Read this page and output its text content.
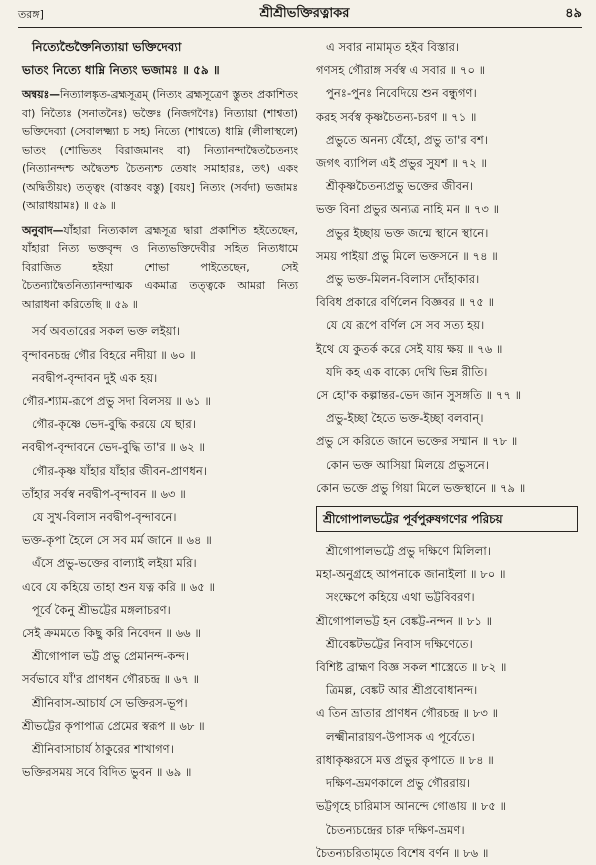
তরঙ্গ]	শ্রীশ্রীভক্তিরত্নাকর	৪৯
নিত্যেন্ডৈক্তৈনিত্যায়া ভক্তিদেব্যা
ভাতং নিত্যে ধাম্নি নিত্যং ভজামঃ ॥ ৫৯ ॥
অন্বয়ঃ—নিত্যালঙ্কৃত-ব্রহ্মসূত্রম্ (নিত্যং ব্রহ্মসূত্রেণ স্তুতং প্রকাশিতং বা) নিত্যৈঃ (সনাতনৈঃ) ভক্তৈঃ (নিজগণৈঃ) নিত্যায়া (শাশ্বতা) ভক্তিদেব্যা (সেবালক্ষ্ম্যা চ সহ) নিত্যে (শাশ্বতে) ধাম্নি (লীলাস্থলে) ভাতং (শোভিতং বিরাজমানং বা) নিত্যানন্দাদ্বৈতচৈতন্যং (নিত্যানন্দশ্চ অদ্বৈতশ্চ চৈতন্যশ্চ তেষাং সমাহারঃ, তৎ) একং (অদ্বিতীয়ং) তত্ত্বং (বাস্তবং বস্তু) [বয়ং] নিত্যং (সর্বদা) ভজামঃ (আরাধয়ামঃ) ॥ ৫৯ ॥
অনুবাদ—যাঁহারা নিত্যকাল ব্রহ্মসূত্র দ্বারা প্রকাশিত হইতেছেন, যাঁহারা নিত্য ভক্তবৃন্দ ও নিত্যভক্তিদেবীর সহিত নিত্যধামে বিরাজিত হইয়া শোভা পাইতেছেন, সেই চৈতন্যাদ্বৈতনিত্যানন্দাত্মক একমাত্র তত্ত্বকে আমরা নিত্য আরাধনা করিতেছি ॥ ৫৯ ॥
সর্ব অবতারের সকল ভক্ত লইয়া।
বৃন্দাবনচন্দ্র গৌর বিহরে নদীয়া ॥ ৬০ ॥
নবদ্বীপ-বৃন্দাবন দুই এক হয়।
গৌর-শ্যাম-রূপে প্রভু সদা বিলসয় ॥ ৬১ ॥
গৌর-কৃষ্ণে ভেদ-বুদ্ধি করয়ে যে ছার।
নবদ্বীপ-বৃন্দাবনে ভেদ-বুদ্ধি তা'র ॥ ৬২ ॥
গৌর-কৃষ্ণ যাঁহার যাঁহার জীবন-প্রাণধন।
তাঁহার সর্বস্ব নবদ্বীপ-বৃন্দাবন ॥ ৬৩ ॥
যে সুখ-বিলাস নবদ্বীপ-বৃন্দাবনে।
ভক্ত-কৃপা হৈলে সে সব মর্ম জানে ॥ ৬৪ ॥
এঁসে প্রভু-ভক্তের বাল্যাই লইয়া মরি।
এবে যে কহিয়ে তাহা শুন যত্ন করি ॥ ৬৫ ॥
পূর্বে কৈনু শ্রীভট্টের মঙ্গলাচরণ।
সেই ক্রমমতে কিছু করি নিবেদন ॥ ৬৬ ॥
শ্রীগোপাল ভট্ট প্রভু প্রেমানন্দ-কন্দ।
সর্বভাবে যাঁ'র প্রাণধন গৌরচন্দ্র ॥ ৬৭ ॥
শ্রীনিবাস-আচার্য সে ভক্তিরস-ভূপ।
শ্রীভট্টের কৃপাপাত্র প্রেমের স্বরূপ ॥ ৬৮ ॥
শ্রীনিবাসাচার্য ঠাকুরের শাখাগণ।
ভক্তিরসময় সবে বিদিত ভুবন ॥ ৬৯ ॥
এ সবার নামামৃত হইব বিস্তার।
গণসহ গৌরাঙ্গ সর্বস্ব এ সবার ॥ ৭০ ॥
পুনঃ-পুনঃ নিবেদিয়ে শুন বন্ধুগণ।
করহ সর্বস্ব কৃষ্ণচৈতন্য-চরণ ॥ ৭১ ॥
প্রভুতে অনন্য যেঁহো, প্রভু তা'র বশ।
জগৎ ব্যাপিল এই প্রভুর সুযশ ॥ ৭২ ॥
শ্রীকৃষ্ণচৈতন্যপ্রভু ভক্তের জীবন।
ভক্ত বিনা প্রভুর অন্যত্র নাহি মন ॥ ৭৩ ॥
প্রভুর ইচ্ছায় ভক্ত জন্মে স্থানে স্থানে।
সময় পাইয়া প্রভু মিলে ভক্তসনে ॥ ৭৪ ॥
প্রভু ভক্ত-মিলন-বিলাস দোঁহাকার।
বিবিধ প্রকারে বর্ণিলেন বিজ্ঞবর ॥ ৭৫ ॥
যে যে রূপে বর্ণিল সে সব সত্য হয়।
ইথে যে কুতর্ক করে সেই যায় ক্ষয় ॥ ৭৬ ॥
যদি কহ এক বাক্যে দেখি ভিন্ন রীতি।
সে হো'ক কল্পান্তর-ভেদ জান সুসঙ্গতি ॥ ৭৭ ॥
প্রভু-ইচ্ছা হৈতে ভক্ত-ইচ্ছা বলবান্।
প্রভু সে করিতে জানে ভক্তের সম্মান ॥ ৭৮ ॥
কোন ভক্ত আসিয়া মিলয়ে প্রভুসনে।
কোন ভক্তে প্রভু গিয়া মিলে ভক্তস্থানে ॥ ৭৯ ॥
শ্রীগোপালভট্টের পূর্বপুরুষগণের পরিচয়
শ্রীগোপালভট্টে প্রভু দক্ষিণে মিলিলা।
মহা-অনুগ্রহে আপনাকে জানাইলা ॥ ৮০ ॥
সংক্ষেপে কহিয়ে এথা ভট্টবিবরণ।
শ্রীগোপালভট্ট হন বেঙ্কট্ট-নন্দন ॥ ৮১ ॥
শ্রীবেঙ্কটভট্টের নিবাস দক্ষিণেতে।
বিশিষ্ট ব্রাহ্মণ বিজ্ঞ সকল শাস্ত্রেতে ॥ ৮২ ॥
ত্রিমল্ল, বেঙ্কট আর শ্রীপ্রবোধানন্দ।
এ তিন ভ্রাতার প্রাণধন গৌরচন্দ্র ॥ ৮৩ ॥
লক্ষ্মীনারায়ণ-উপাসক এ পূর্বেতে।
রাধাকৃষ্ণরসে মত্ত প্রভুর কৃপাতে ॥ ৮৪ ॥
দক্ষিণ-ভ্রমণকালে প্রভু গৌররায়।
ভট্টগৃহে চারিমাস আনন্দে গোঙায় ॥ ৮৫ ॥
চৈতন্যচন্দ্রের চারু দক্ষিণ-ভ্রমণ।
চৈতন্যচরিতামৃতে বিশেষ বর্ণন ॥ ৮৬ ॥
